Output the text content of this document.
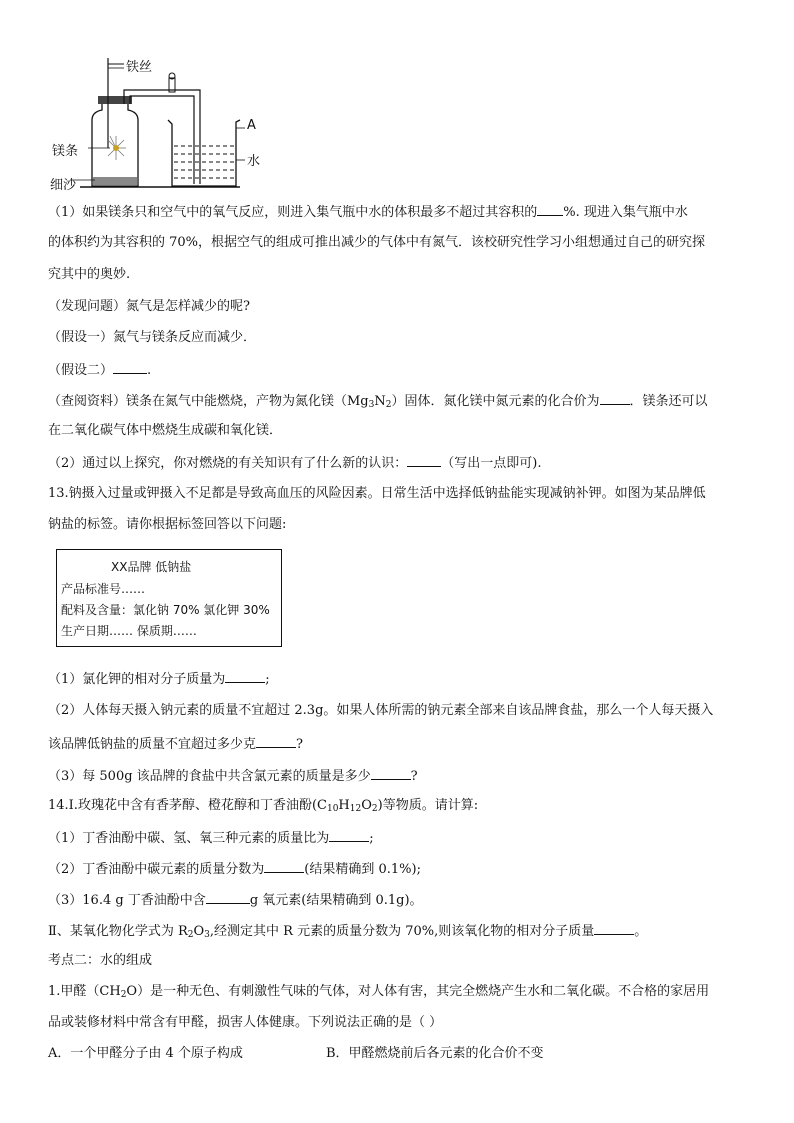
铁丝
镁条
细沙
A
水
（1）如果镁条只和空气中的氧气反应，则进入集气瓶中水的体积最多不超过其容积的 %. 现进入集气瓶中水
的体积约为其容积的 70%，根据空气的组成可推出减少的气体中有氮气．该校研究性学习小组想通过自己的研究探
究其中的奥妙.
（发现问题）氮气是怎样减少的呢?
（假设一）氮气与镁条反应而减少．
（假设二）	.
（查阅资料）镁条在氮气中能燃烧，产物为氮化镁$(Mg_3N_2)$固体．氮化镁中氮元素的化合价为 ．镁条还可以
在二氧化碳气体中燃烧生成碳和氧化镁．
（2）通过以上探究，你对燃烧的有关知识有了什么新的认识：	（写出一点即可).
13.钠摄入过量或钾摄入不足都是导致高血压的风险因素。日常生活中选择低钠盐能实现减钠补钾。如图为某品牌低
钠盐的标签。请你根据标签回答以下问题:
XX品牌 低钠盐
产品标准号……
配料及含量：氯化钠 70% 氯化钾 30%
生产日期…… 保质期……
（1）氯化钾的相对分子质量为	;
（2）人体每天摄入钠元素的质量不宜超过 2.3g。如果人体所需的钠元素全部来自该品牌食盐，那么一个人每天摄入
该品牌低钠盐的质量不宜超过多少克	?
（3）每 500g 该品牌的食盐中共含氯元素的质量是多少	?
14.Ⅰ.玫瑰花中含有香茅醇、橙花醇和丁香油酚$(C_{10}H_{12}O_2)$等物质。请计算:
（1）丁香油酚中碳、氢、氧三种元素的质量比为	;
（2）丁香油酚中碳元素的质量分数为	(结果精确到 0.1%);
（3）16.4 g 丁香油酚中含	g 氧元素(结果精确到 0.1g)。
Ⅱ、某氧化物化学式为 $R_2O_3$,经测定其中 R 元素的质量分数为 70%,则该氧化物的相对分子质量	。
考点二：水的组成
1.甲醛$(CH_2O)$是一种无色、有刺激性气味的气体，对人体有害，其完全燃烧产生水和二氧化碳。不合格的家居用
品或装修材料中常含有甲醛，损害人体健康。下列说法正确的是（ ）
A．一个甲醛分子由 4 个原子构成	B．甲醛燃烧前后各元素的化合价不变
